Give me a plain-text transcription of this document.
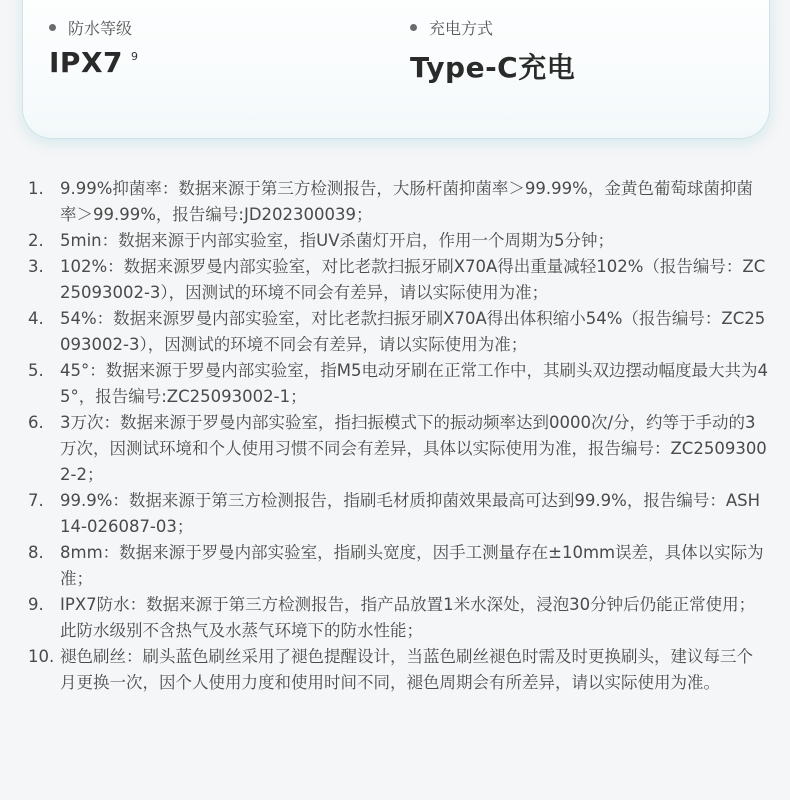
防水等级
IPX7 $^9$
充电方式
Type-C充电
1. 9.99%抑菌率：数据来源于第三方检测报告，大肠杆菌抑菌率＞99.99%，金黄色葡萄球菌抑菌率＞99.99%，报告编号:JD202300039；
2. 5min：数据来源于内部实验室，指UV杀菌灯开启，作用一个周期为5分钟；
3. 102%：数据来源罗曼内部实验室，对比老款扫振牙刷X70A得出重量减轻102%（报告编号：ZC25093002-3），因测试的环境不同会有差异，请以实际使用为准；
4. 54%：数据来源罗曼内部实验室，对比老款扫振牙刷X70A得出体积缩小54%（报告编号：ZC25093002-3），因测试的环境不同会有差异，请以实际使用为准；
5. 45°：数据来源于罗曼内部实验室，指M5电动牙刷在正常工作中，其刷头双边摆动幅度最大共为45°，报告编号:ZC25093002-1；
6. 3万次：数据来源于罗曼内部实验室，指扫振模式下的振动频率达到0000次/分，约等于手动的3万次，因测试环境和个人使用习惯不同会有差异，具体以实际使用为准，报告编号：ZC25093002-2；
7. 99.9%：数据来源于第三方检测报告，指刷毛材质抑菌效果最高可达到99.9%，报告编号：ASH14-026087-03；
8. 8mm：数据来源于罗曼内部实验室，指刷头宽度，因手工测量存在±10mm误差，具体以实际为准；
9. IPX7防水：数据来源于第三方检测报告，指产品放置1米水深处，浸泡30分钟后仍能正常使用；此防水级别不含热气及水蒸气环境下的防水性能；
10. 褪色刷丝：刷头蓝色刷丝采用了褪色提醒设计，当蓝色刷丝褪色时需及时更换刷头，建议每三个月更换一次，因个人使用力度和使用时间不同，褪色周期会有所差异，请以实际使用为准。
